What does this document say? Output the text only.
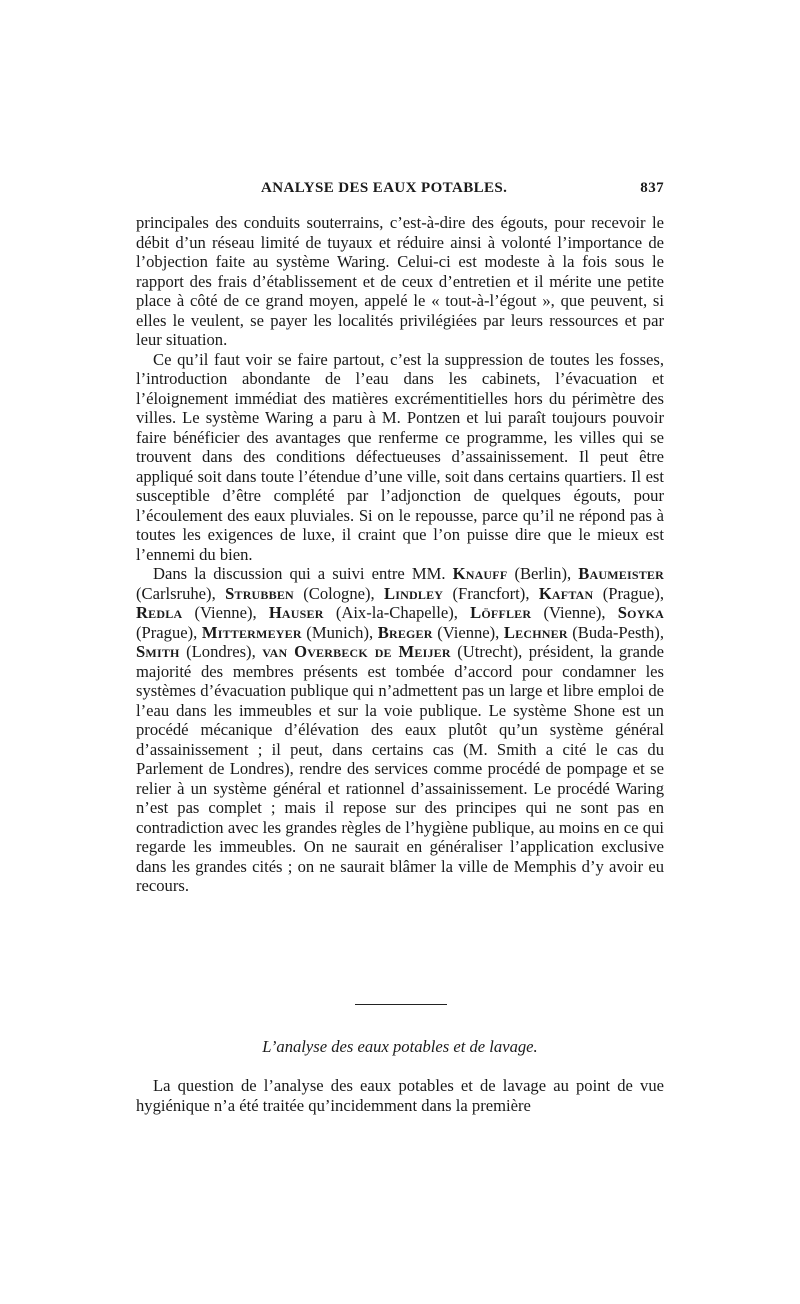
ANALYSE DES EAUX POTABLES.	837

principales des conduits souterrains, c’est-à-dire des égouts, pour recevoir le débit d’un réseau limité de tuyaux et réduire ainsi à volonté l’importance de l’objection faite au système Waring. Celui-ci est modeste à la fois sous le rapport des frais d’établissement et de ceux d’entretien et il mérite une petite place à côté de ce grand moyen, appelé le « tout-à-l’égout », que peuvent, si elles le veulent, se payer les localités privilégiées par leurs ressources et par leur situation.

Ce qu’il faut voir se faire partout, c’est la suppression de toutes les fosses, l’introduction abondante de l’eau dans les cabinets, l’évacuation et l’éloignement immédiat des matières excrémentitielles hors du périmètre des villes. Le système Waring a paru à M. Pontzen et lui paraît toujours pouvoir faire bénéficier des avantages que renferme ce programme, les villes qui se trouvent dans des conditions défectueuses d’assainissement. Il peut être appliqué soit dans toute l’étendue d’une ville, soit dans certains quartiers. Il est susceptible d’être complété par l’adjonction de quelques égouts, pour l’écoulement des eaux pluviales. Si on le repousse, parce qu’il ne répond pas à toutes les exigences de luxe, il craint que l’on puisse dire que le mieux est l’ennemi du bien.

Dans la discussion qui a suivi entre MM. Knauff (Berlin), Baumeister (Carlsruhe), Strubben (Cologne), Lindley (Francfort), Kaftan (Prague), Redla (Vienne), Hauser (Aix-la-Chapelle), Löffler (Vienne), Soyka (Prague), Mittermeyer (Munich), Breger (Vienne), Lechner (Buda-Pesth), Smith (Londres), van Overbeck de Meijer (Utrecht), président, la grande majorité des membres présents est tombée d’accord pour condamner les systèmes d’évacuation publique qui n’admettent pas un large et libre emploi de l’eau dans les immeubles et sur la voie publique. Le système Shone est un procédé mécanique d’élévation des eaux plutôt qu’un système général d’assainissement ; il peut, dans certains cas (M. Smith a cité le cas du Parlement de Londres), rendre des services comme procédé de pompage et se relier à un système général et rationnel d’assainissement. Le procédé Waring n’est pas complet ; mais il repose sur des principes qui ne sont pas en contradiction avec les grandes règles de l’hygiène publique, au moins en ce qui regarde les immeubles. On ne saurait en généraliser l’application exclusive dans les grandes cités ; on ne saurait blâmer la ville de Memphis d’y avoir eu recours.

L’analyse des eaux potables et de lavage.

La question de l’analyse des eaux potables et de lavage au point de vue hygiénique n’a été traitée qu’incidemment dans la première
